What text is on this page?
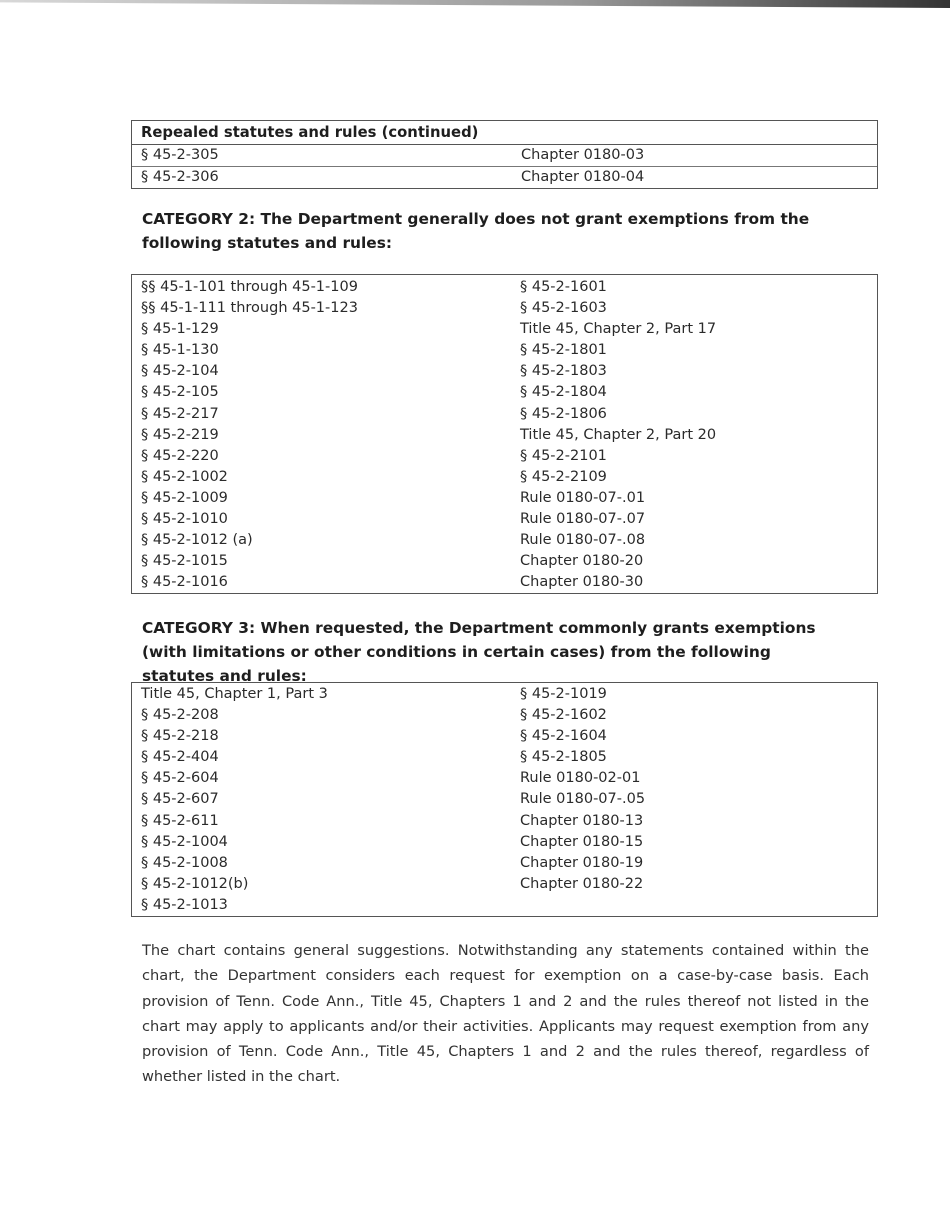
Repealed statutes and rules (continued)
§ 45-2-305	Chapter 0180-03
§ 45-2-306	Chapter 0180-04
CATEGORY 2: The Department generally does not grant exemptions from the following statutes and rules:
§§ 45-1-101 through 45-1-109	§ 45-2-1601
§§ 45-1-111 through 45-1-123	§ 45-2-1603
§ 45-1-129	Title 45, Chapter 2, Part 17
§ 45-1-130	§ 45-2-1801
§ 45-2-104	§ 45-2-1803
§ 45-2-105	§ 45-2-1804
§ 45-2-217	§ 45-2-1806
§ 45-2-219	Title 45, Chapter 2, Part 20
§ 45-2-220	§ 45-2-2101
§ 45-2-1002	§ 45-2-2109
§ 45-2-1009	Rule 0180-07-.01
§ 45-2-1010	Rule 0180-07-.07
§ 45-2-1012 (a)	Rule 0180-07-.08
§ 45-2-1015	Chapter 0180-20
§ 45-2-1016	Chapter 0180-30
CATEGORY 3: When requested, the Department commonly grants exemptions (with limitations or other conditions in certain cases) from the following statutes and rules:
Title 45, Chapter 1, Part 3	§ 45-2-1019
§ 45-2-208	§ 45-2-1602
§ 45-2-218	§ 45-2-1604
§ 45-2-404	§ 45-2-1805
§ 45-2-604	Rule 0180-02-01
§ 45-2-607	Rule 0180-07-.05
§ 45-2-611	Chapter 0180-13
§ 45-2-1004	Chapter 0180-15
§ 45-2-1008	Chapter 0180-19
§ 45-2-1012(b)	Chapter 0180-22
§ 45-2-1013
The chart contains general suggestions. Notwithstanding any statements contained within the chart, the Department considers each request for exemption on a case-by-case basis. Each provision of Tenn. Code Ann., Title 45, Chapters 1 and 2 and the rules thereof not listed in the chart may apply to applicants and/or their activities. Applicants may request exemption from any provision of Tenn. Code Ann., Title 45, Chapters 1 and 2 and the rules thereof, regardless of whether listed in the chart.
